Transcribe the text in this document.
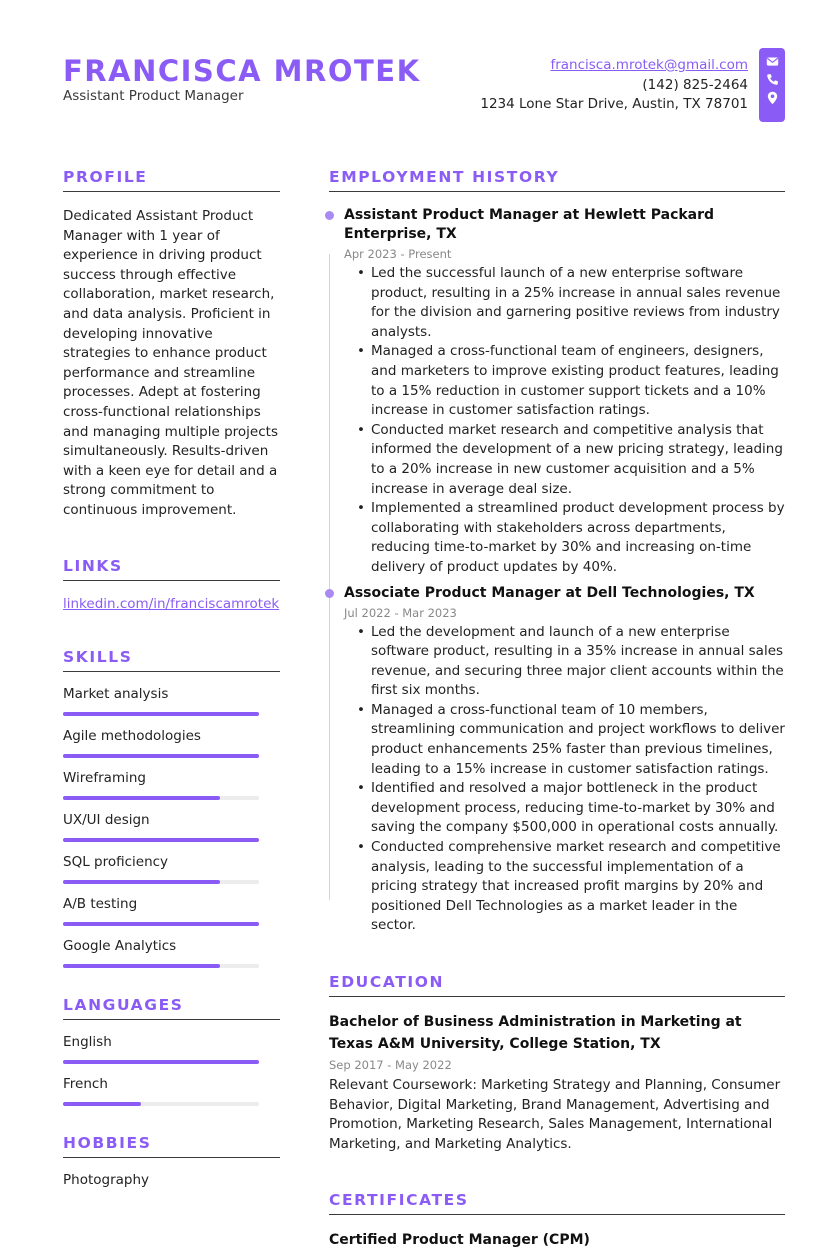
FRANCISCA MROTEK
Assistant Product Manager
francisca.mrotek@gmail.com
(142) 825-2464
1234 Lone Star Drive, Austin, TX 78701
PROFILE
Dedicated Assistant Product Manager with 1 year of experience in driving product success through effective collaboration, market research, and data analysis. Proficient in developing innovative strategies to enhance product performance and streamline processes. Adept at fostering cross-functional relationships and managing multiple projects simultaneously. Results-driven with a keen eye for detail and a strong commitment to continuous improvement.
LINKS
linkedin.com/in/franciscamrotek
SKILLS
Market analysis
Agile methodologies
Wireframing
UX/UI design
SQL proficiency
A/B testing
Google Analytics
LANGUAGES
English
French
HOBBIES
Photography
EMPLOYMENT HISTORY
Assistant Product Manager at Hewlett Packard Enterprise, TX
Apr 2023 - Present
• Led the successful launch of a new enterprise software product, resulting in a 25% increase in annual sales revenue for the division and garnering positive reviews from industry analysts.
• Managed a cross-functional team of engineers, designers, and marketers to improve existing product features, leading to a 15% reduction in customer support tickets and a 10% increase in customer satisfaction ratings.
• Conducted market research and competitive analysis that informed the development of a new pricing strategy, leading to a 20% increase in new customer acquisition and a 5% increase in average deal size.
• Implemented a streamlined product development process by collaborating with stakeholders across departments, reducing time-to-market by 30% and increasing on-time delivery of product updates by 40%.
Associate Product Manager at Dell Technologies, TX
Jul 2022 - Mar 2023
• Led the development and launch of a new enterprise software product, resulting in a 35% increase in annual sales revenue, and securing three major client accounts within the first six months.
• Managed a cross-functional team of 10 members, streamlining communication and project workflows to deliver product enhancements 25% faster than previous timelines, leading to a 15% increase in customer satisfaction ratings.
• Identified and resolved a major bottleneck in the product development process, reducing time-to-market by 30% and saving the company $500,000 in operational costs annually.
• Conducted comprehensive market research and competitive analysis, leading to the successful implementation of a pricing strategy that increased profit margins by 20% and positioned Dell Technologies as a market leader in the sector.
EDUCATION
Bachelor of Business Administration in Marketing at Texas A&M University, College Station, TX
Sep 2017 - May 2022
Relevant Coursework: Marketing Strategy and Planning, Consumer Behavior, Digital Marketing, Brand Management, Advertising and Promotion, Marketing Research, Sales Management, International Marketing, and Marketing Analytics.
CERTIFICATES
Certified Product Manager (CPM)
